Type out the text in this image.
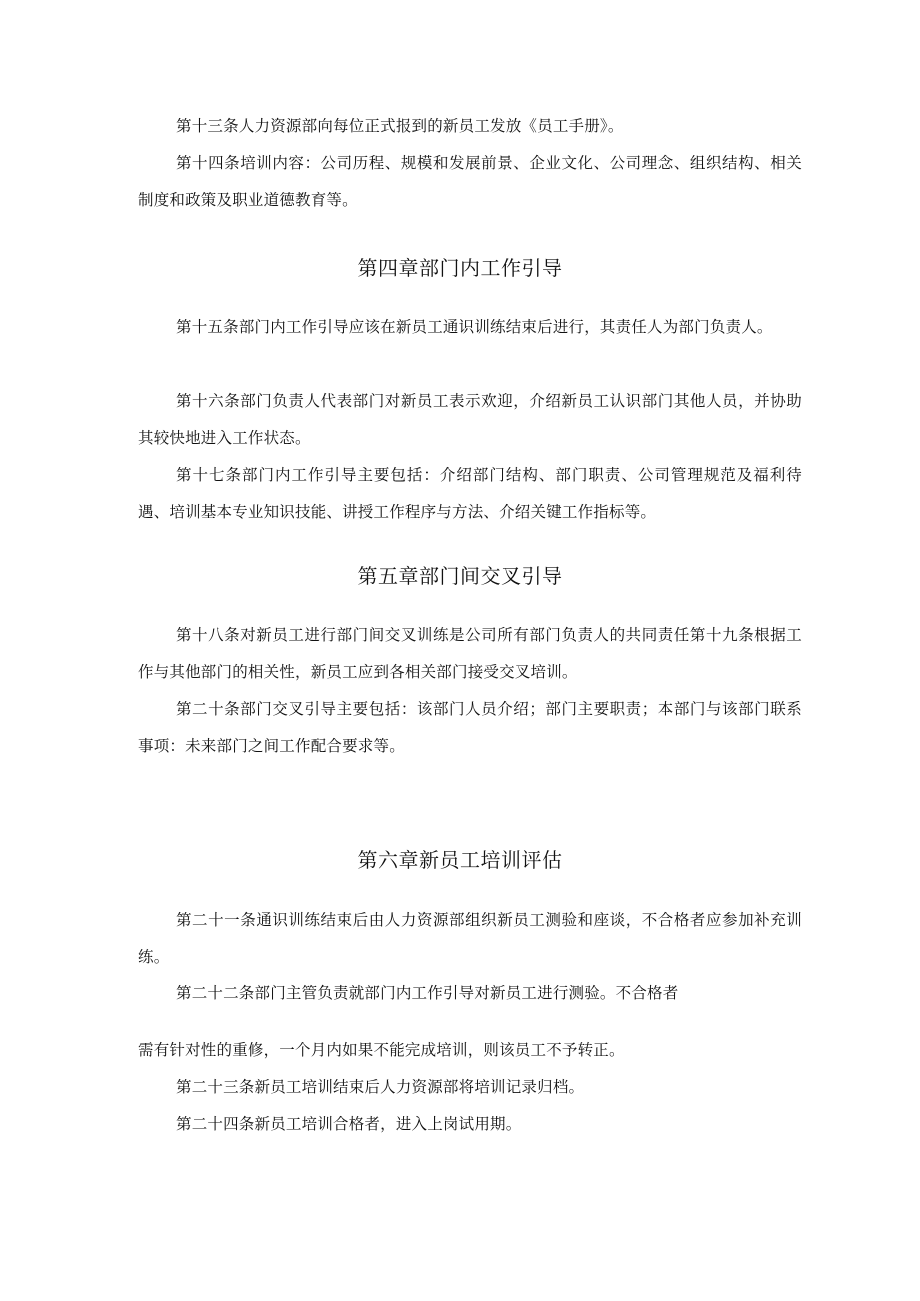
第十三条人力资源部向每位正式报到的新员工发放《员工手册》。

第十四条培训内容：公司历程、规模和发展前景、企业文化、公司理念、组织结构、相关制度和政策及职业道德教育等。

第四章部门内工作引导

第十五条部门内工作引导应该在新员工通识训练结束后进行，其责任人为部门负责人。

第十六条部门负责人代表部门对新员工表示欢迎，介绍新员工认识部门其他人员，并协助其较快地进入工作状态。

第十七条部门内工作引导主要包括：介绍部门结构、部门职责、公司管理规范及福利待遇、培训基本专业知识技能、讲授工作程序与方法、介绍关键工作指标等。

第五章部门间交叉引导

第十八条对新员工进行部门间交叉训练是公司所有部门负责人的共同责任第十九条根据工作与其他部门的相关性，新员工应到各相关部门接受交叉培训。

第二十条部门交叉引导主要包括：该部门人员介绍；部门主要职责；本部门与该部门联系事项：未来部门之间工作配合要求等。

第六章新员工培训评估

第二十一条通识训练结束后由人力资源部组织新员工测验和座谈，不合格者应参加补充训练。

第二十二条部门主管负责就部门内工作引导对新员工进行测验。不合格者

需有针对性的重修，一个月内如果不能完成培训，则该员工不予转正。

第二十三条新员工培训结束后人力资源部将培训记录归档。

第二十四条新员工培训合格者，进入上岗试用期。
